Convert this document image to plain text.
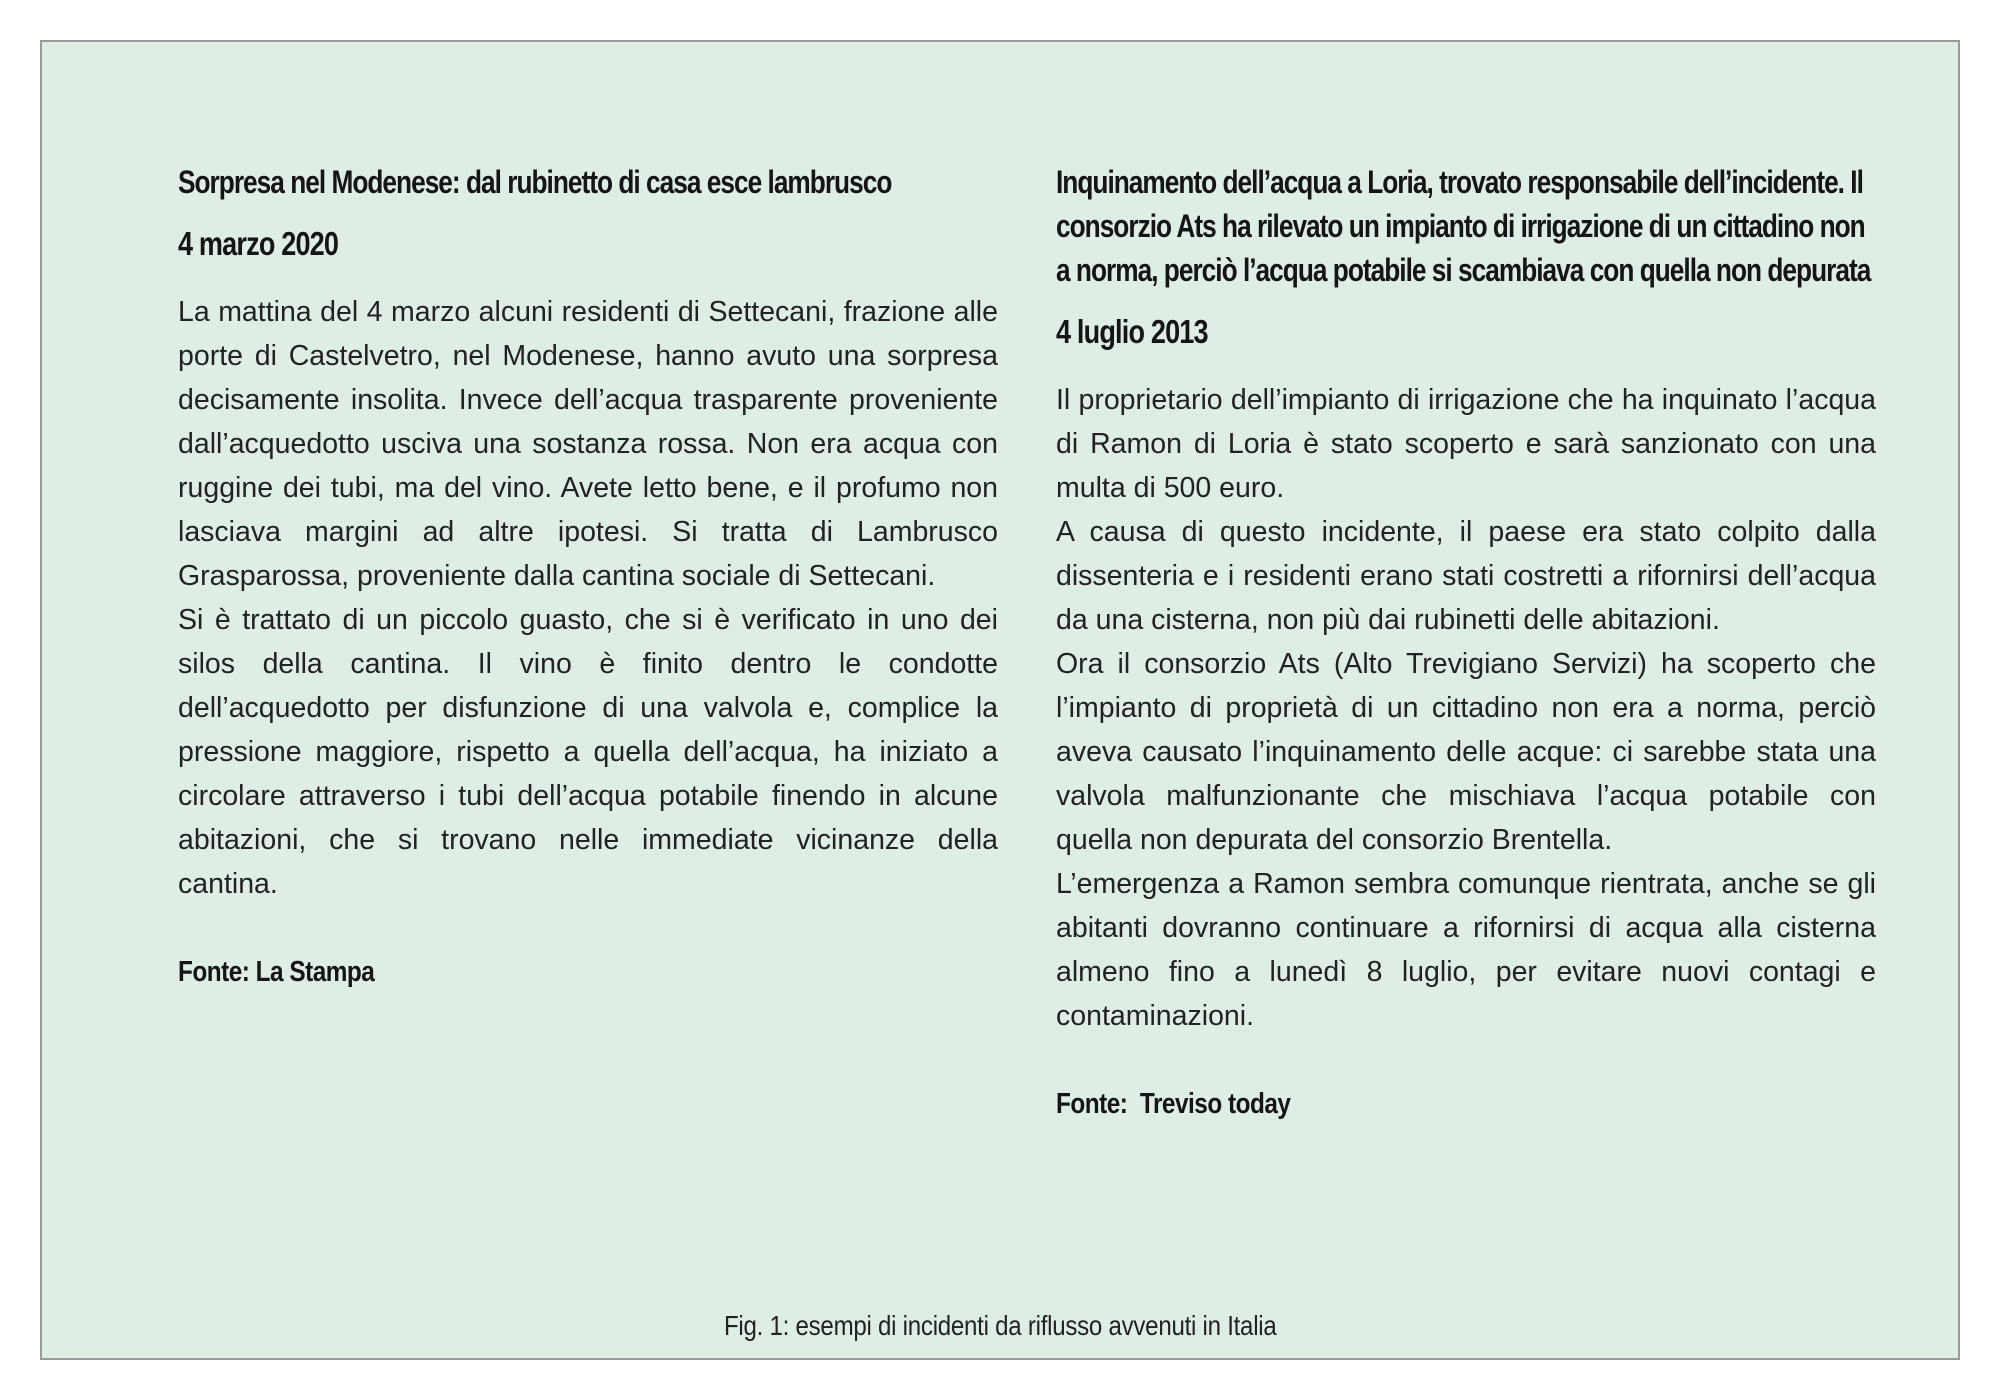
Sorpresa nel Modenese: dal rubinetto di casa esce lambrusco
4 marzo 2020

La mattina del 4 marzo alcuni residenti di Settecani, frazione alle porte di Castelvetro, nel Modenese, hanno avuto una sorpresa decisamente insolita. Invece dell’acqua trasparente proveniente dall’acquedotto usciva una sostanza rossa. Non era acqua con ruggine dei tubi, ma del vino. Avete letto bene, e il profumo non lasciava margini ad altre ipotesi. Si tratta di Lambrusco Grasparossa, proveniente dalla cantina sociale di Settecani.

Si è trattato di un piccolo guasto, che si è verificato in uno dei silos della cantina. Il vino è finito dentro le condotte dell’acquedotto per disfunzione di una valvola e, complice la pressione maggiore, rispetto a quella dell’acqua, ha iniziato a circolare attraverso i tubi dell’acqua potabile finendo in alcune abitazioni, che si trovano nelle immediate vicinanze della cantina.

Fonte: La Stampa
Inquinamento dell’acqua a Loria, trovato responsabile dell’incidente. Il consorzio Ats ha rilevato un impianto di irrigazione di un cittadino non a norma, perciò l’acqua potabile si scambiava con quella non depurata
4 luglio 2013

Il proprietario dell’impianto di irrigazione che ha inquinato l’acqua di Ramon di Loria è stato scoperto e sarà sanzionato con una multa di 500 euro.

A causa di questo incidente, il paese era stato colpito dalla dissenteria e i residenti erano stati costretti a rifornirsi dell’acqua da una cisterna, non più dai rubinetti delle abitazioni.

Ora il consorzio Ats (Alto Trevigiano Servizi) ha scoperto che l’impianto di proprietà di un cittadino non era a norma, perciò aveva causato l’inquinamento delle acque: ci sarebbe stata una valvola malfunzionante che mischiava l’acqua potabile con quella non depurata del consorzio Brentella.

L’emergenza a Ramon sembra comunque rientrata, anche se gli abitanti dovranno continuare a rifornirsi di acqua alla cisterna almeno fino a lunedì 8 luglio, per evitare nuovi contagi e contaminazioni.

Fonte:  Treviso today
Fig. 1: esempi di incidenti da riflusso avvenuti in Italia
